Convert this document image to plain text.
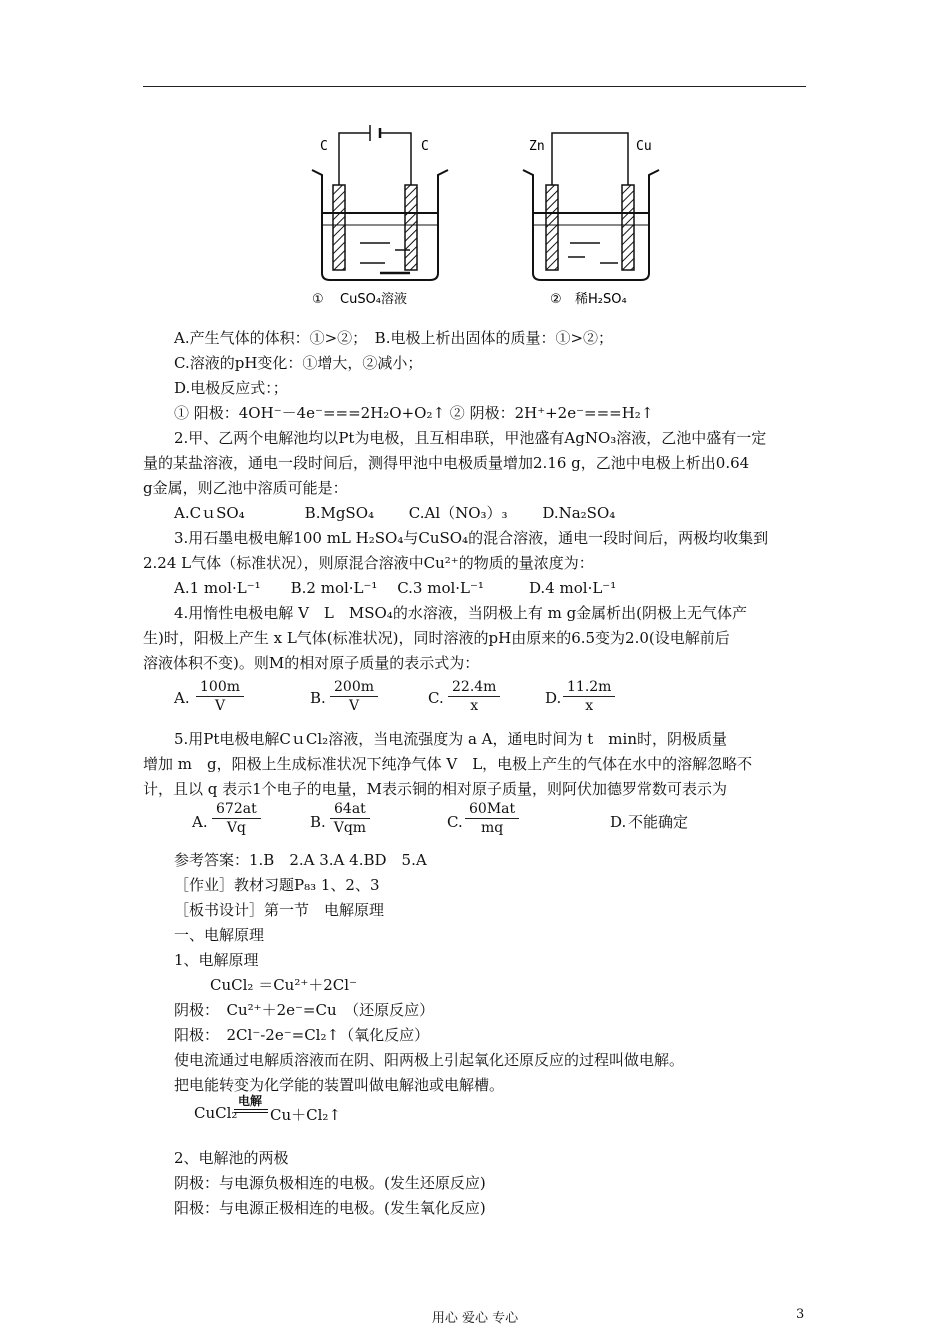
C	C
① CuSO₄溶液
Zn	Cu
② 稀H₂SO₄
A.产生气体的体积：①>②；　B.电极上析出固体的质量：①>②；
C.溶液的pH变化：①增大，②减小；
D.电极反应式：；
① 阳极：4OH⁻－4e⁻===2H₂O+O₂↑ ② 阴极：2H⁺+2e⁻===H₂↑
2.甲、乙两个电解池均以Pt为电极，且互相串联，甲池盛有AgNO₃溶液，乙池中盛有一定
量的某盐溶液，通电一段时间后，测得甲池中电极质量增加2.16 g，乙池中电极上析出0.64
g金属，则乙池中溶质可能是：
A.CｕSO₄　　　　B.MgSO₄　　 C.Al（NO₃）₃　　 D.Na₂SO₄
3.用石墨电极电解100 mL H₂SO₄与CuSO₄的混合溶液，通电一段时间后，两极均收集到
2.24 L气体（标准状况），则原混合溶液中Cu²⁺的物质的量浓度为：
A.1 mol·L⁻¹　　B.2 mol·L⁻¹　 C.3 mol·L⁻¹　　　D.4 mol·L⁻¹
4.用惰性电极电解 V　L　MSO₄的水溶液，当阴极上有 m g金属析出(阴极上无气体产
生)时，阳极上产生 x L气体(标准状况)，同时溶液的pH由原来的6.5变为2.0(设电解前后
溶液体积不变)。则M的相对原子质量的表示式为：
A. $\frac{100m}{V}$	B. $\frac{200m}{V}$	C. $\frac{22.4m}{x}$	D. $\frac{11.2m}{x}$
5.用Pt电极电解CｕCl₂溶液，当电流强度为 a A，通电时间为 t　min时，阴极质量
增加 m　g，阳极上生成标准状况下纯净气体 V　L，电极上产生的气体在水中的溶解忽略不
计，且以 q 表示1个电子的电量，M表示铜的相对原子质量，则阿伏加德罗常数可表示为
A. $\frac{672at}{Vq}$	B.
64at
Vqm	C.
60Mat
mq	D. 不能确定
参考答案：1.B　2.A 3.A 4.BD　5.A
［作业］教材习题P₈₃ 1、2、3
［板书设计］第一节　电解原理
一、电解原理
1、电解原理
CuCl₂ ＝Cu²⁺＋2Cl⁻
阴极：　Cu²⁺＋2e⁻=Cu　（还原反应）
阳极：　2Cl⁻-2e⁻=Cl₂↑（氧化反应）
使电流通过电解质溶液而在阴、阳两极上引起氧化还原反应的过程叫做电解。
把电能转变为化学能的装置叫做电解池或电解槽。
CuCl₂
电解
Cu＋Cl₂↑
2、电解池的两极
阴极：与电源负极相连的电极。(发生还原反应)
阳极：与电源正极相连的电极。(发生氧化反应)
用心 爱心 专心	3
